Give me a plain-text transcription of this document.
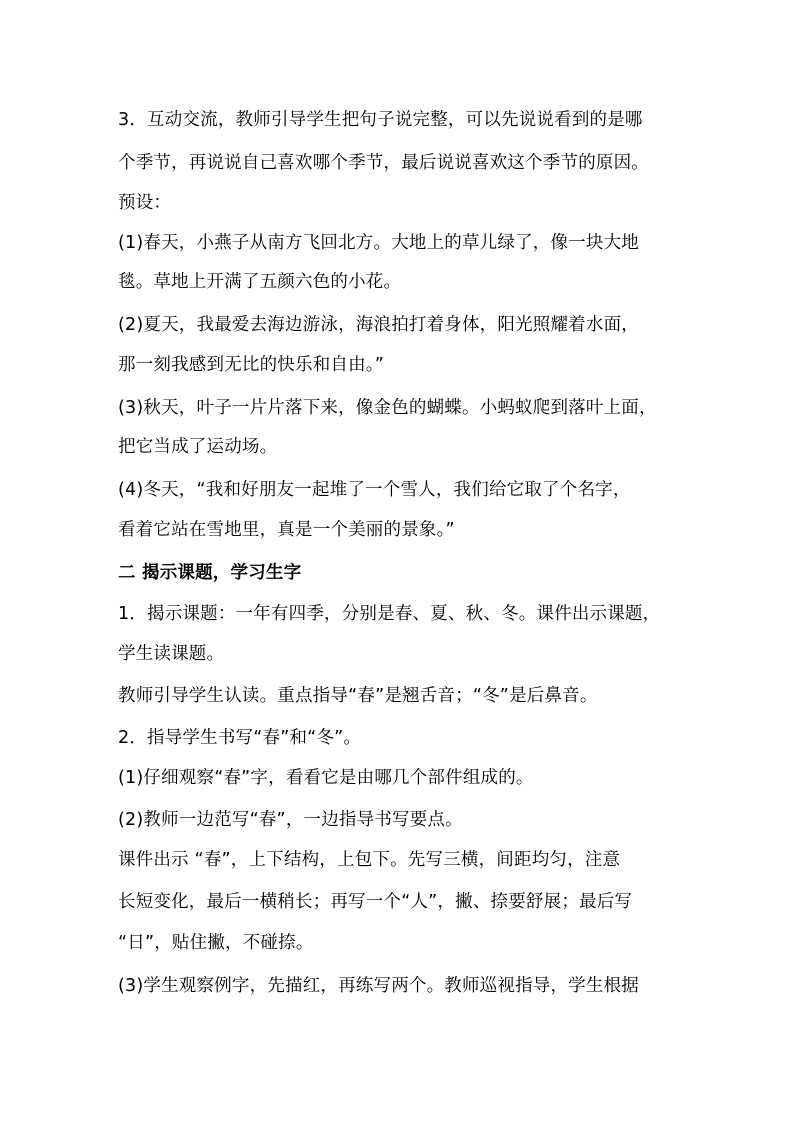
3．互动交流，教师引导学生把句子说完整，可以先说说看到的是哪
个季节，再说说自己喜欢哪个季节，最后说说喜欢这个季节的原因。
预设：
(1)春天，小燕子从南方飞回北方。大地上的草儿绿了，像一块大地
毯。草地上开满了五颜六色的小花。
(2)夏天，我最爱去海边游泳，海浪拍打着身体，阳光照耀着水面，
那一刻我感到无比的快乐和自由。”
(3)秋天，叶子一片片落下来，像金色的蝴蝶。小蚂蚁爬到落叶上面，
把它当成了运动场。
(4)冬天，“我和好朋友一起堆了一个雪人，我们给它取了个名字，
看着它站在雪地里，真是一个美丽的景象。”
二 揭示课题，学习生字
1．揭示课题：一年有四季，分别是春、夏、秋、冬。课件出示课题，
学生读课题。
教师引导学生认读。重点指导“春”是翘舌音；“冬”是后鼻音。
2．指导学生书写“春”和“冬”。
(1)仔细观察“春”字，看看它是由哪几个部件组成的。
(2)教师一边范写“春”，一边指导书写要点。
课件出示 “春”，上下结构，上包下。先写三横，间距均匀，注意
长短变化，最后一横稍长；再写一个“人”，撇、捺要舒展；最后写
“日”，贴住撇，不碰捺。
(3)学生观察例字，先描红，再练写两个。教师巡视指导，学生根据
